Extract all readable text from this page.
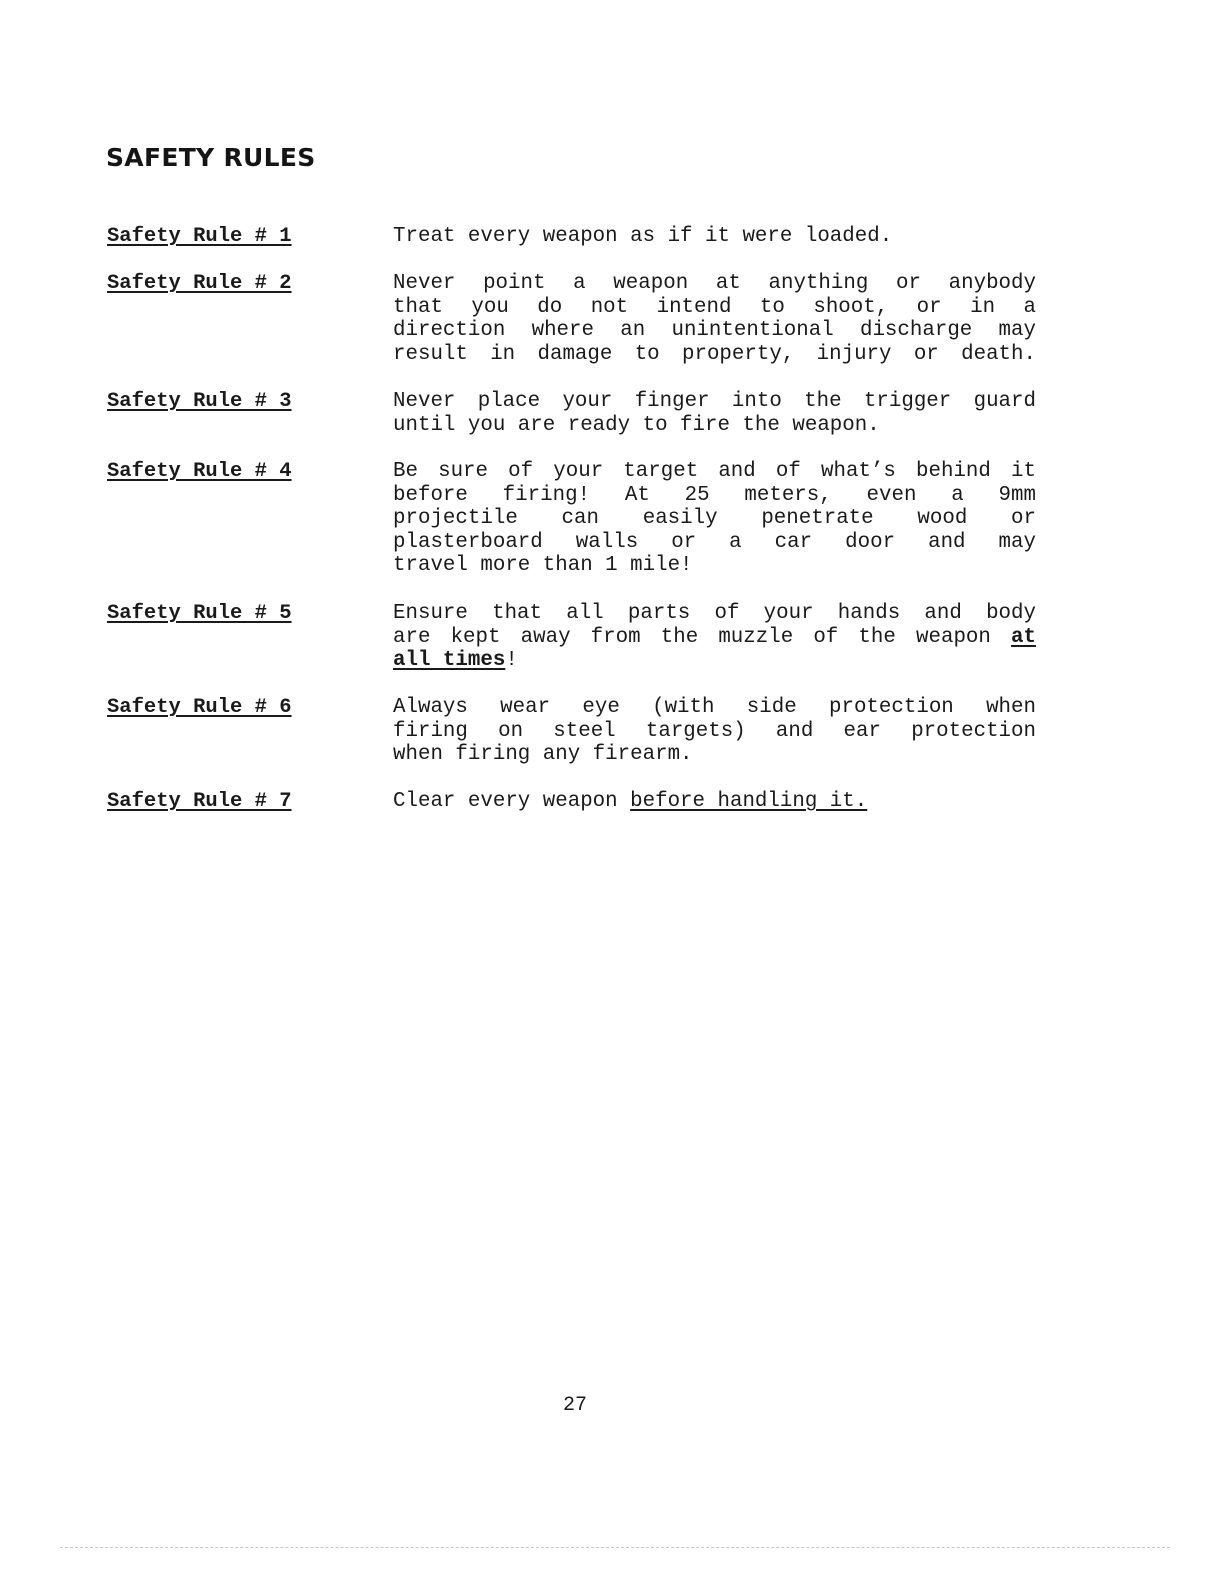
SAFETY RULES
Safety Rule # 1	Treat every weapon as if it were loaded.
Safety Rule # 2	Never point a weapon at anything or anybody
that you do not intend to shoot, or in a
direction where an unintentional discharge may
result in damage to property, injury or death.
Safety Rule # 3	Never place your finger into the trigger guard
until you are ready to fire the weapon.
Safety Rule # 4	Be sure of your target and of what’s behind it
before firing! At 25 meters, even a 9mm
projectile can easily penetrate wood or
plasterboard walls or a car door and may
travel more than 1 mile!
Safety Rule # 5	Ensure that all parts of your hands and body
are kept away from the muzzle of the weapon at
all times!
Safety Rule # 6	Always wear eye (with side protection when
firing on steel targets) and ear protection
when firing any firearm.
Safety Rule # 7	Clear every weapon before handling it.
27
